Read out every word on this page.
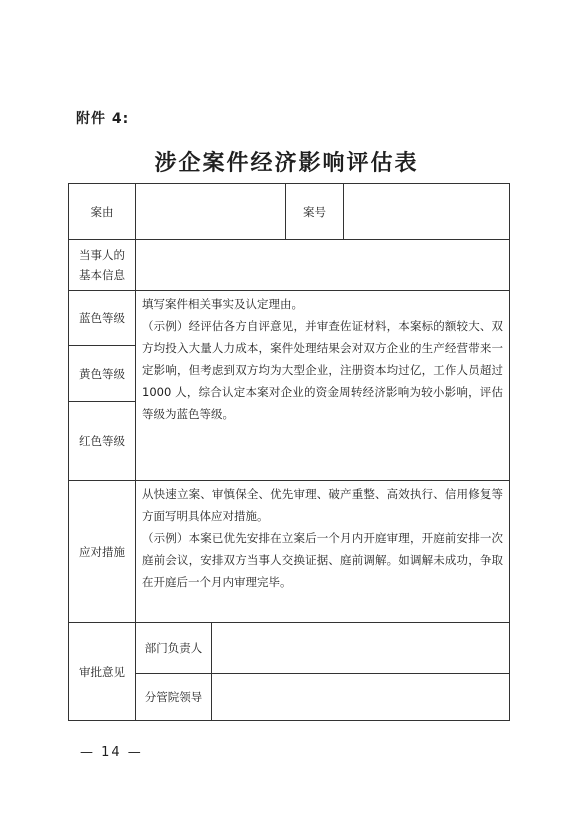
附件 4:
涉企案件经济影响评估表
案由			案号	

当事人的
基本信息				

蓝色等级	填写案件相关事实及认定理由。

（示例）经评估各方自评意见，并审查佐证材料，本案标的额较大、双方均投入大量人力成本，案件处理结果会对双方企业的生产经营带来一定影响，但考虑到双方均为大型企业，注册资本均过亿，工作人员超过 1000 人，综合认定本案对企业的资金周转经济影响为较小影响，评估等级为蓝色等级。			

黄色等级				
红色等级				
应对措施	从快速立案、审慎保全、优先审理、破产重整、高效执行、信用修复等方面写明具体应对措施。

（示例）本案已优先安排在立案后一个月内开庭审理，开庭前安排一次庭前会议，安排双方当事人交换证据、庭前调解。如调解未成功，争取在开庭后一个月内审理完毕。			

审批意见	部门负责人			
	分管院领导			
— 14 —
